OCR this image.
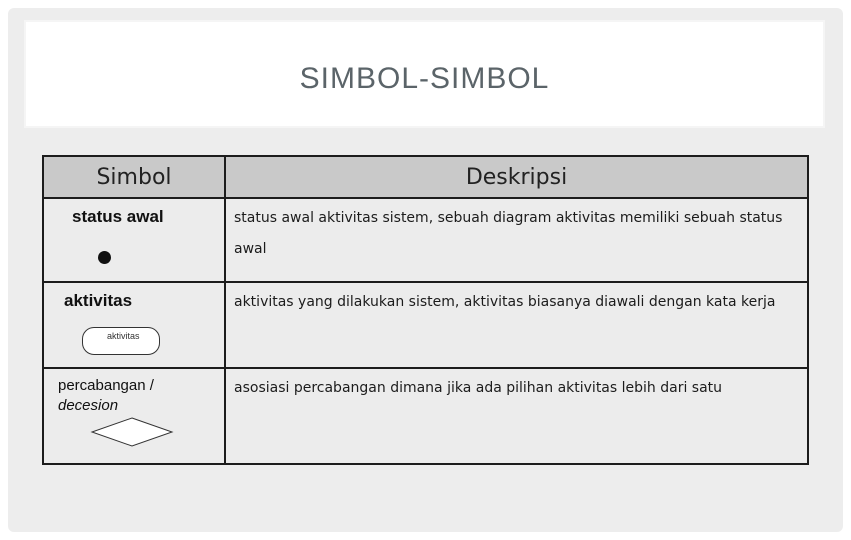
SIMBOL-SIMBOL
Simbol	Deskripsi

status awal	status awal aktivitas sistem, sebuah diagram aktivitas memiliki sebuah status awal

aktivitas
aktivitas	aktivitas yang dilakukan sistem, aktivitas biasanya diawali dengan kata kerja

percabangan /
decesion	asosiasi percabangan dimana jika ada pilihan aktivitas lebih dari satu
